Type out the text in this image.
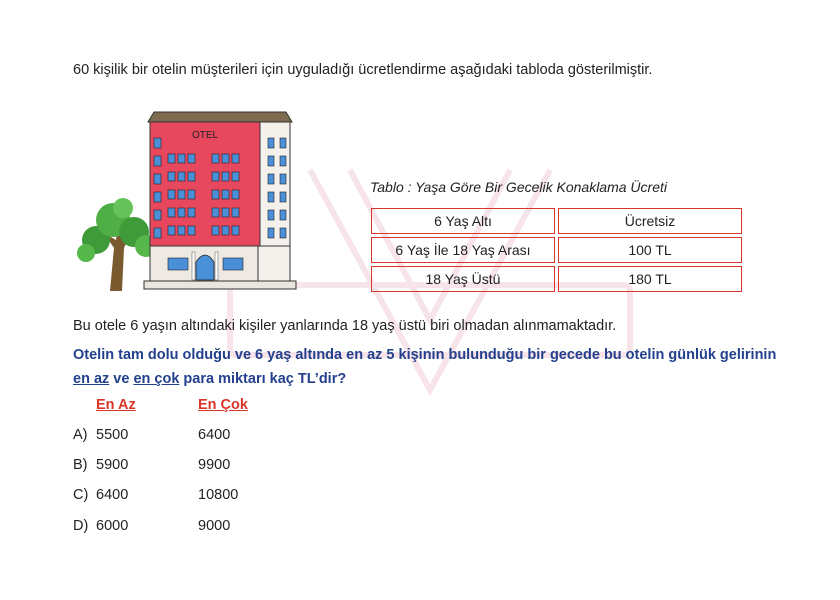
60 kişilik bir otelin müşterileri için uyguladığı ücretlendirme aşağıdaki tabloda gösterilmiştir.
OTEL
Tablo : Yaşa Göre Bir Gecelik Konaklama Ücreti
6 Yaş Altı	Ücretsiz
6 Yaş İle 18 Yaş Arası	100 TL
18 Yaş Üstü	180 TL
Bu otele 6 yaşın altındaki kişiler yanlarında 18 yaş üstü biri olmadan alınmamaktadır.
Otelin tam dolu olduğu ve 6 yaş altında en az 5 kişinin bulunduğu bir gecede bu otelin günlük gelirinin en az ve en çok para miktarı kaç TL’dir?
En Az	En Çok
A) 5500	6400
B) 5900	9900
C) 6400	10800
D) 6000	9000
